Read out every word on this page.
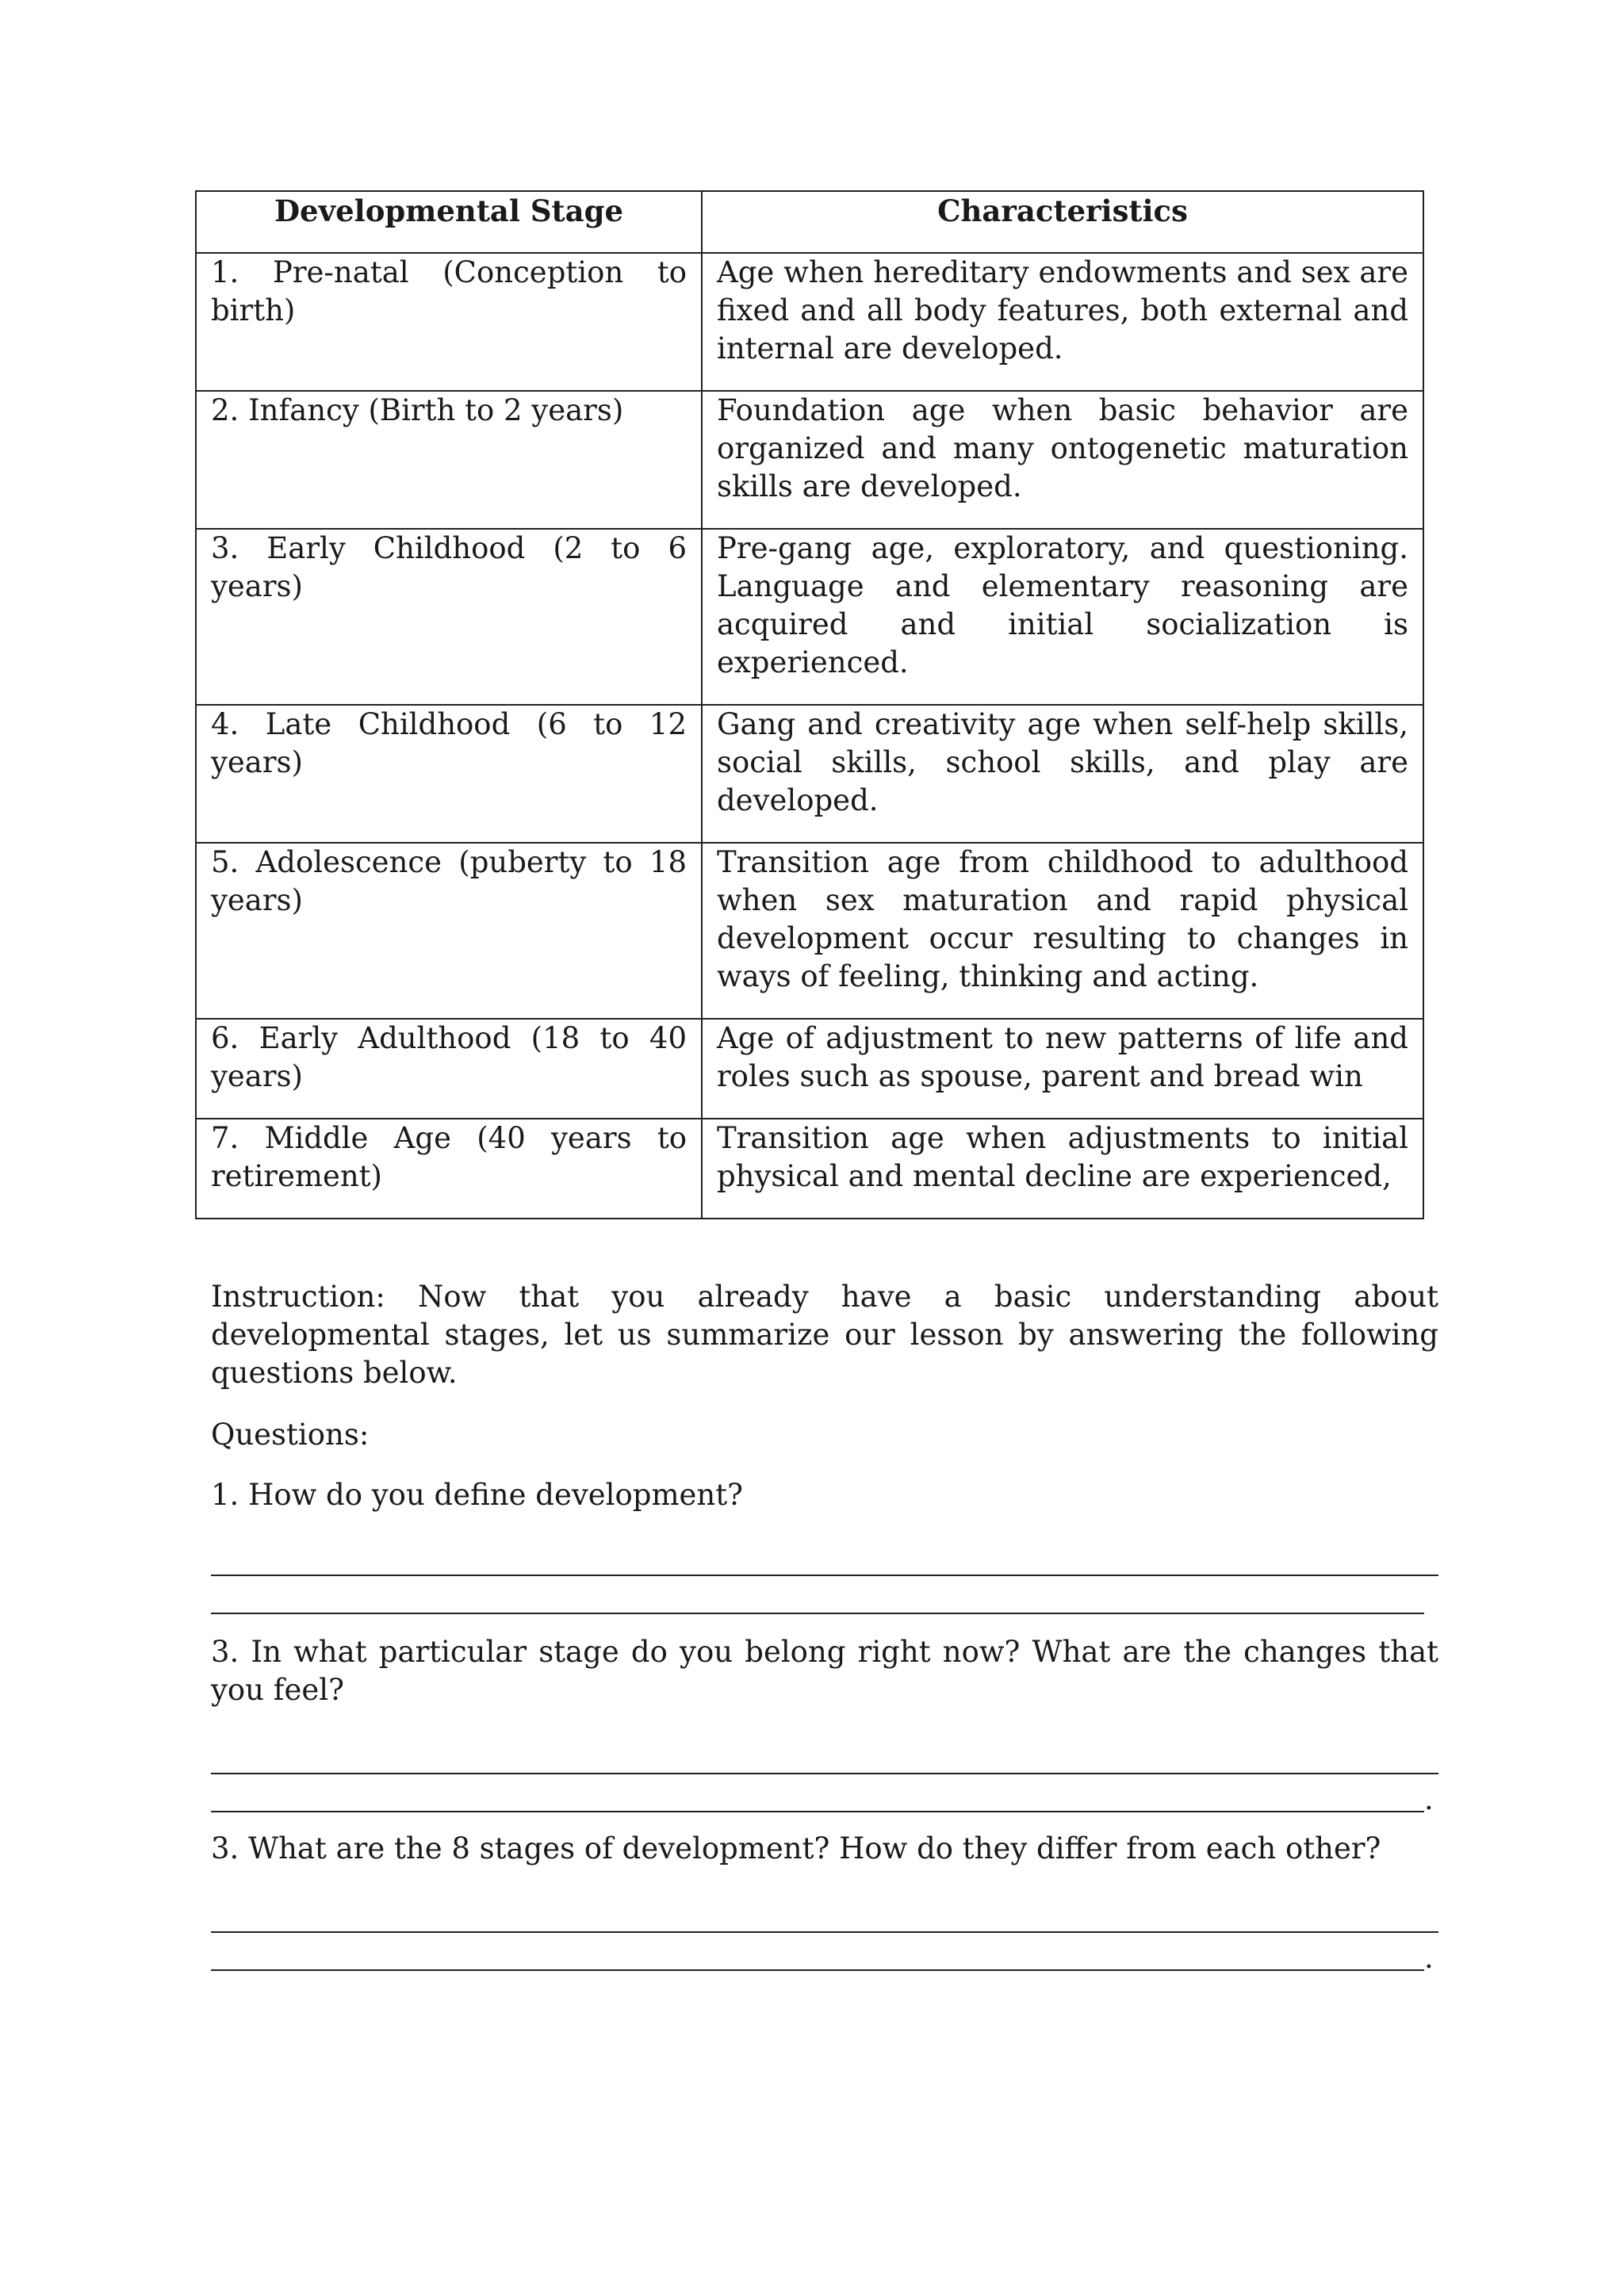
Developmental Stage	Characteristics

1. Pre-natal (Conception to birth)	Age when hereditary endowments and sex are fixed and all body features, both external and internal are developed.

2. Infancy (Birth to 2 years)	Foundation age when basic behavior are organized and many ontogenetic maturation skills are developed.

3. Early Childhood (2 to 6 years)	Pre-gang age, exploratory, and questioning. Language and elementary reasoning are acquired and initial socialization is experienced.

4. Late Childhood (6 to 12 years)	Gang and creativity age when self-help skills, social skills, school skills, and play are developed.

5. Adolescence (puberty to 18 years)	Transition age from childhood to adulthood when sex maturation and rapid physical development occur resulting to changes in ways of feeling, thinking and acting.

6. Early Adulthood (18 to 40 years)	Age of adjustment to new patterns of life and roles such as spouse, parent and bread win

7. Middle Age (40 years to retirement)	Transition age when adjustments to initial physical and mental decline are experienced,
Instruction: Now that you already have a basic understanding about developmental stages, let us summarize our lesson by answering the following questions below.
Questions:
1. How do you define development?
3. In what particular stage do you belong right now? What are the changes that you feel?
.
3. What are the 8 stages of development? How do they differ from each other?
.
